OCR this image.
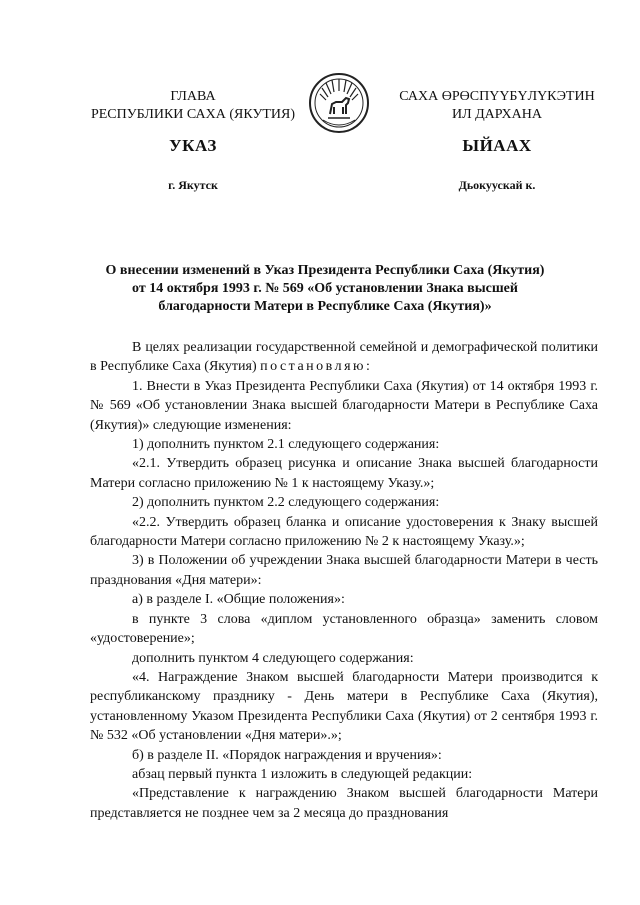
ГЛАВА
РЕСПУБЛИКИ САХА (ЯКУТИЯ)
САХА ӨРӨСПҮҮБҮЛҮКЭТИН
ИЛ ДАРХАНА
УКАЗ	ЫЙААХ
г. Якутск	Дьокуускай к.
О внесении изменений в Указ Президента Республики Саха (Якутия)
от 14 октября 1993 г. № 569 «Об установлении Знака высшей
благодарности Матери в Республике Саха (Якутия)»

В целях реализации государственной семейной и демографической политики в Республике Саха (Якутия) постановляю:

1. Внести в Указ Президента Республики Саха (Якутия) от 14 октября 1993 г. № 569 «Об установлении Знака высшей благодарности Матери в Республике Саха (Якутия)» следующие изменения:

1) дополнить пунктом 2.1 следующего содержания:

«2.1. Утвердить образец рисунка и описание Знака высшей благодарности Матери согласно приложению № 1 к настоящему Указу.»;

2) дополнить пунктом 2.2 следующего содержания:

«2.2. Утвердить образец бланка и описание удостоверения к Знаку высшей благодарности Матери согласно приложению № 2 к настоящему Указу.»;

3) в Положении об учреждении Знака высшей благодарности Матери в честь празднования «Дня матери»:

а) в разделе I. «Общие положения»:

в пункте 3 слова «диплом установленного образца» заменить словом «удостоверение»;

дополнить пунктом 4 следующего содержания:

«4. Награждение Знаком высшей благодарности Матери производится к республиканскому празднику - День матери в Республике Саха (Якутия), установленному Указом Президента Республики Саха (Якутия) от 2 сентября 1993 г. № 532 «Об установлении «Дня матери».»;

б) в разделе II. «Порядок награждения и вручения»:

абзац первый пункта 1 изложить в следующей редакции:

«Представление к награждению Знаком высшей благодарности Матери представляется не позднее чем за 2 месяца до празднования
